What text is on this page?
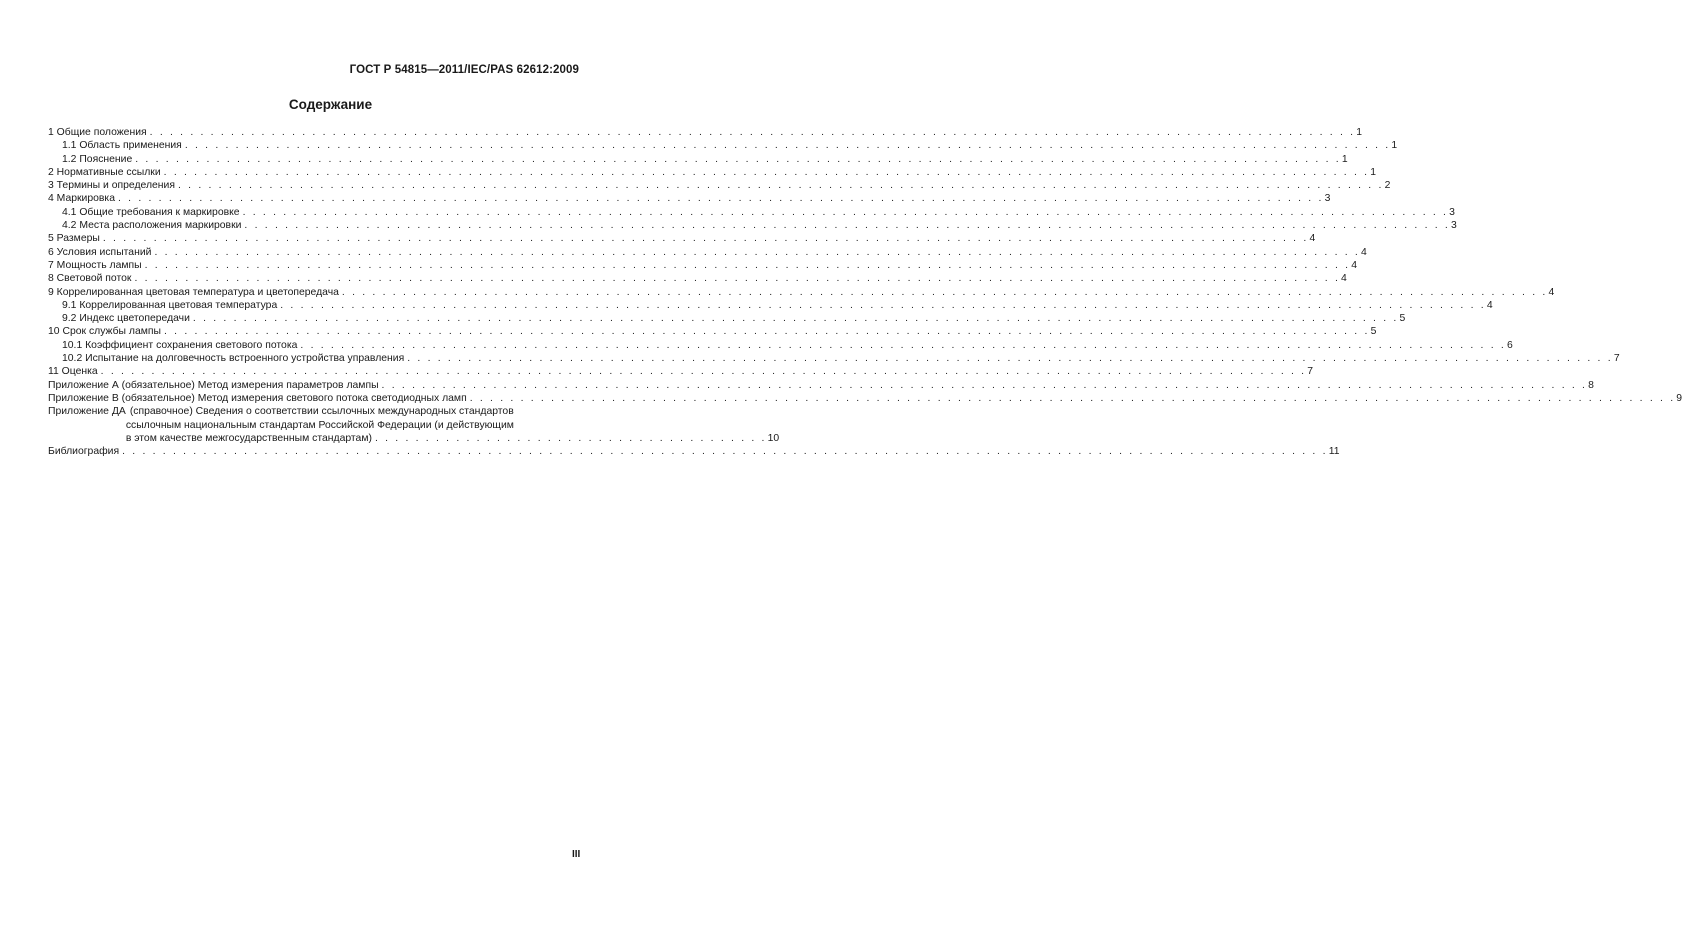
ГОСТ Р 54815—2011/IEC/PAS 62612:2009
Содержание
1 Общие положения . . .	1
1.1 Область применения . . .	1
1.2 Пояснение . . .	1
2 Нормативные ссылки . . .	1
3 Термины и определения . . .	2
4 Маркировка . . .	3
4.1 Общие требования к маркировке . . .	3
4.2 Места расположения маркировки . . .	3
5 Размеры . . .	4
6 Условия испытаний . . .	4
7 Мощность лампы . . .	4
8 Световой поток . . .	4
9 Коррелированная цветовая температура и цветопередача . . .	4
9.1 Коррелированная цветовая температура . . .	4
9.2 Индекс цветопередачи . . .	5
10 Срок службы лампы . . .	5
10.1 Коэффициент сохранения светового потока . . .	6
10.2 Испытание на долговечность встроенного устройства управления . . .	7
11 Оценка . . .	7
Приложение А (обязательное) Метод измерения параметров лампы . . .	8
Приложение В (обязательное) Метод измерения светового потока светодиодных ламп . . .	9
Приложение ДА (справочное) Сведения о соответствии ссылочных международных стандартов
ссылочным национальным стандартам Российской Федерации (и действующим
в этом качестве межгосударственным стандартам) . . .	10
Библиография . . .	11
III
